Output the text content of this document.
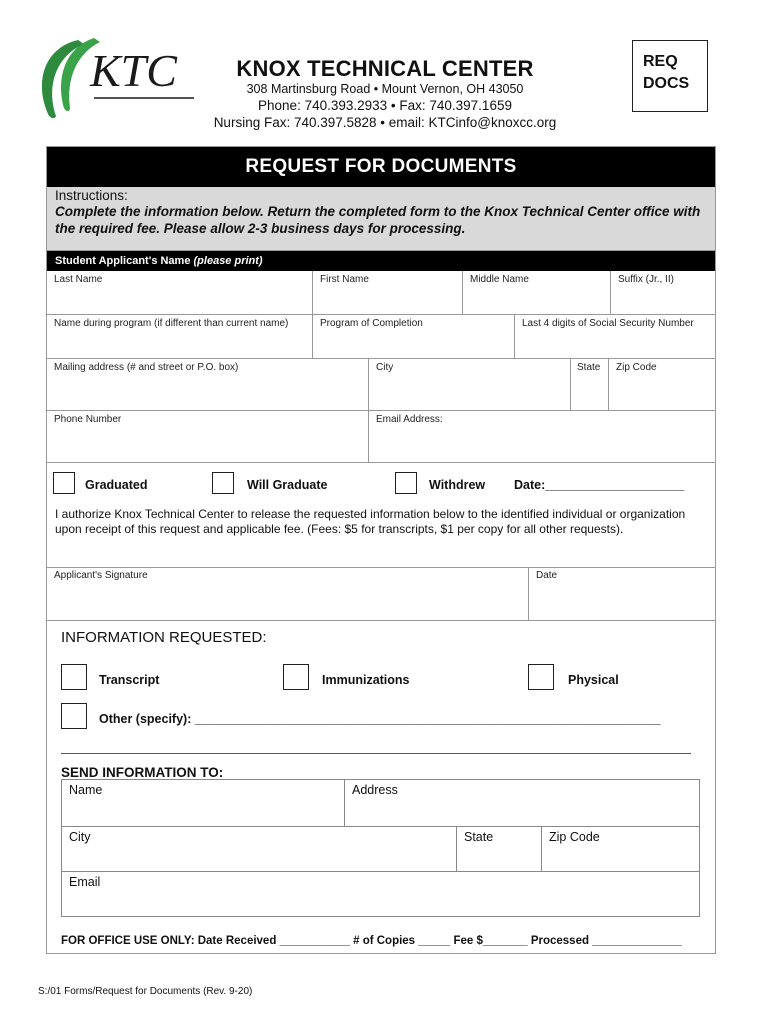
KTC	KNOX TECHNICAL CENTER
308 Martinsburg Road • Mount Vernon, OH 43050
Phone: 740.393.2933 • Fax: 740.397.1659
Nursing Fax: 740.397.5828 • email: KTCinfo@knoxcc.org
REQ
DOCS
REQUEST FOR DOCUMENTS
Instructions:
Complete the information below. Return the completed form to the Knox Technical Center office with the required fee. Please allow 2-3 business days for processing.
Student Applicant's Name (please print)
Last Name	First Name	Middle Name	Suffix (Jr., II)
Name during program (if different than current name)	Program of Completion	Last 4 digits of Social Security Number
Mailing address (# and street or P.O. box)	City	State	Zip Code
Phone Number	Email Address:
Graduated	Will Graduate	Withdrew Date:____________________
I authorize Knox Technical Center to release the requested information below to the identified individual or organization upon receipt of this request and applicable fee. (Fees: $5 for transcripts, $1 per copy for all other requests).
Applicant's Signature	Date
INFORMATION REQUESTED:
Transcript	Immunizations	Physical
Other (specify): ___________________________________________________________________
SEND INFORMATION TO:
Name	Address
City	State	Zip Code
Email
FOR OFFICE USE ONLY: Date Received ___________ # of Copies _____ Fee $_______ Processed ______________
S:/01 Forms/Request for Documents (Rev. 9-20)
